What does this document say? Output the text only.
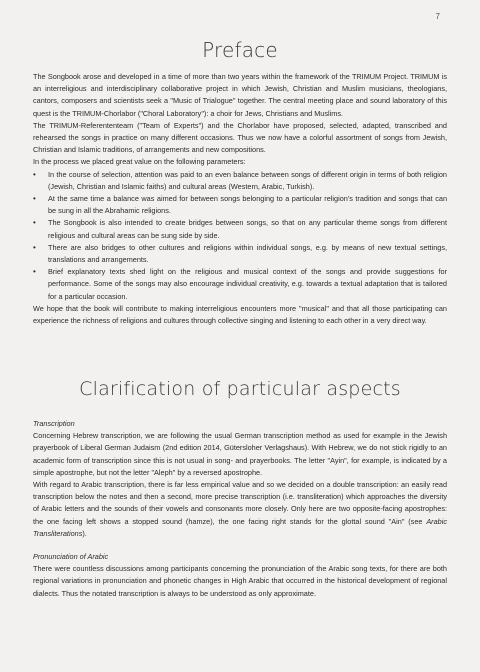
7
Preface

The Songbook arose and developed in a time of more than two years within the framework of the TRIMUM Project. TRIMUM is an interreligious and interdisciplinary collaborative project in which Jewish, Christian and Muslim musicians, theologians, cantors, composers and scientists seek a "Music of Trialogue" together. The central meeting place and sound laboratory of this quest is the TRIMUM-Chorlabor ("Choral Laboratory"): a choir for Jews, Christians and Muslims.

The TRIMUM-Referententeam ("Team of Experts") and the Chorlabor have proposed, selected, adapted, transcribed and rehearsed the songs in practice on many different occasions. Thus we now have a colorful assortment of songs from Jewish, Christian and Islamic traditions, of arrangements and new compositions.

In the process we placed great value on the following parameters:

• In the course of selection, attention was paid to an even balance between songs of different origin in terms of both religion (Jewish, Christian and Islamic faiths) and cultural areas (Western, Arabic, Turkish).
• At the same time a balance was aimed for between songs belonging to a particular religion's tradition and songs that can be sung in all the Abrahamic religions.
• The Songbook is also intended to create bridges between songs, so that on any particular theme songs from different religious and cultural areas can be sung side by side.
• There are also bridges to other cultures and religions within individual songs, e.g. by means of new textual settings, translations and arrangements.
• Brief explanatory texts shed light on the religious and musical context of the songs and provide suggestions for performance. Some of the songs may also encourage individual creativity, e.g. towards a textual adaptation that is tailored for a particular occasion.

We hope that the book will contribute to making interreligious encounters more "musical" and that all those participating can experience the richness of religions and cultures through collective singing and listening to each other in a very direct way.

Clarification of particular aspects

Transcription

Concerning Hebrew transcription, we are following the usual German transcription method as used for example in the Jewish prayerbook of Liberal German Judaism (2nd edition 2014, Gütersloher Verlagshaus). With Hebrew, we do not stick rigidly to an academic form of transcription since this is not usual in song- and prayerbooks. The letter "Ayin", for example, is indicated by a simple apostrophe, but not the letter "Aleph" by a reversed apostrophe.

With regard to Arabic transcription, there is far less empirical value and so we decided on a double transcription: an easily read transcription below the notes and then a second, more precise transcription (i.e. transliteration) which approaches the diversity of Arabic letters and the sounds of their vowels and consonants more closely. Only here are two opposite-facing apostrophes: the one facing left shows a stopped sound (hamze), the one facing right stands for the glottal sound "Ain" (see Arabic Transliterations).

Pronunciation of Arabic

There were countless discussions among participants concerning the pronunciation of the Arabic song texts, for there are both regional variations in pronunciation and phonetic changes in High Arabic that occurred in the historical development of regional dialects. Thus the notated transcription is always to be understood as only approximate.
